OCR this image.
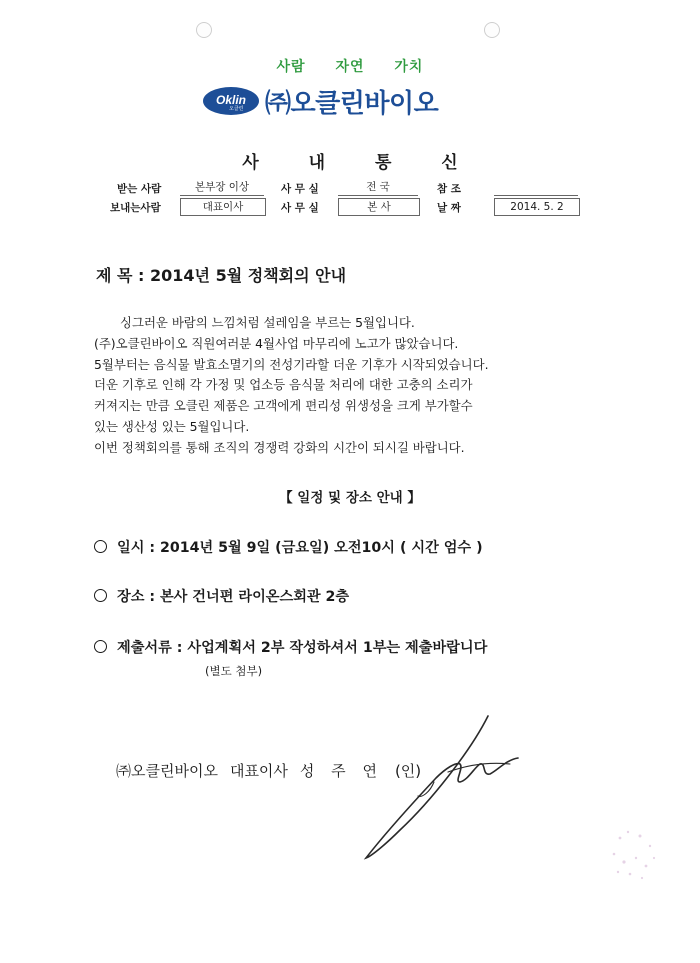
사람 자연 가치
Oklin
오클린 ㈜오클린바이오
사 내 통 신
받는 사람	본부장 이상	사 무 실	전 국	참 조
보내는사람	대표이사	사 무 실	본 사	날 짜	2014. 5. 2
제 목 : 2014년 5월 정책회의 안내
싱그러운 바람의 느낌처럼 설레임을 부르는 5월입니다.
(주)오클린바이오 직원여러분 4월사업 마무리에 노고가 많았습니다.
5월부터는 음식물 발효소멸기의 전성기라할 더운 기후가 시작되었습니다.
더운 기후로 인해 각 가정 및 업소등 음식물 처리에 대한 고충의 소리가
커져지는 만큼 오클린 제품은 고객에게 편리성 위생성을 크게 부가할수
있는 생산성 있는 5월입니다.
이번 정책회의를 통해 조직의 경쟁력 강화의 시간이 되시길 바랍니다.
【 일정 및 장소 안내 】
일시 : 2014년 5월 9일 (금요일) 오전10시 ( 시간 엄수 )
장소 : 본사 건너편 라이온스회관 2층
제출서류 : 사업계획서 2부 작성하셔서 1부는 제출바랍니다
(별도 첨부)
㈜오클린바이오 대표이사 성 주 연 (인)
